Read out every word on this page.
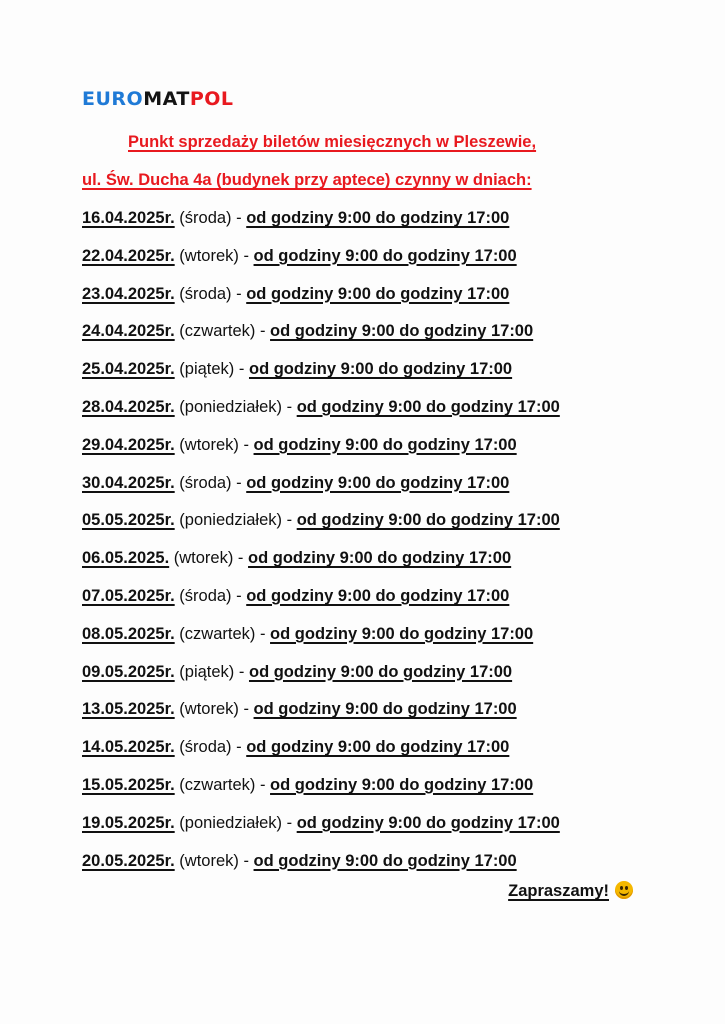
EUROMATPOL
Punkt sprzedaży biletów miesięcznych w Pleszewie,
ul. Św. Ducha 4a (budynek przy aptece) czynny w dniach:
16.04.2025r. (środa) - od godziny 9:00 do godziny 17:00
22.04.2025r. (wtorek) - od godziny 9:00 do godziny 17:00
23.04.2025r. (środa) - od godziny 9:00 do godziny 17:00
24.04.2025r. (czwartek) - od godziny 9:00 do godziny 17:00
25.04.2025r. (piątek) - od godziny 9:00 do godziny 17:00
28.04.2025r. (poniedziałek) - od godziny 9:00 do godziny 17:00
29.04.2025r. (wtorek) - od godziny 9:00 do godziny 17:00
30.04.2025r. (środa) - od godziny 9:00 do godziny 17:00
05.05.2025r. (poniedziałek) - od godziny 9:00 do godziny 17:00
06.05.2025. (wtorek) - od godziny 9:00 do godziny 17:00
07.05.2025r. (środa) - od godziny 9:00 do godziny 17:00
08.05.2025r. (czwartek) - od godziny 9:00 do godziny 17:00
09.05.2025r. (piątek) - od godziny 9:00 do godziny 17:00
13.05.2025r. (wtorek) - od godziny 9:00 do godziny 17:00
14.05.2025r. (środa) - od godziny 9:00 do godziny 17:00
15.05.2025r. (czwartek) - od godziny 9:00 do godziny 17:00
19.05.2025r. (poniedziałek) - od godziny 9:00 do godziny 17:00
20.05.2025r. (wtorek) - od godziny 9:00 do godziny 17:00
Zapraszamy!
